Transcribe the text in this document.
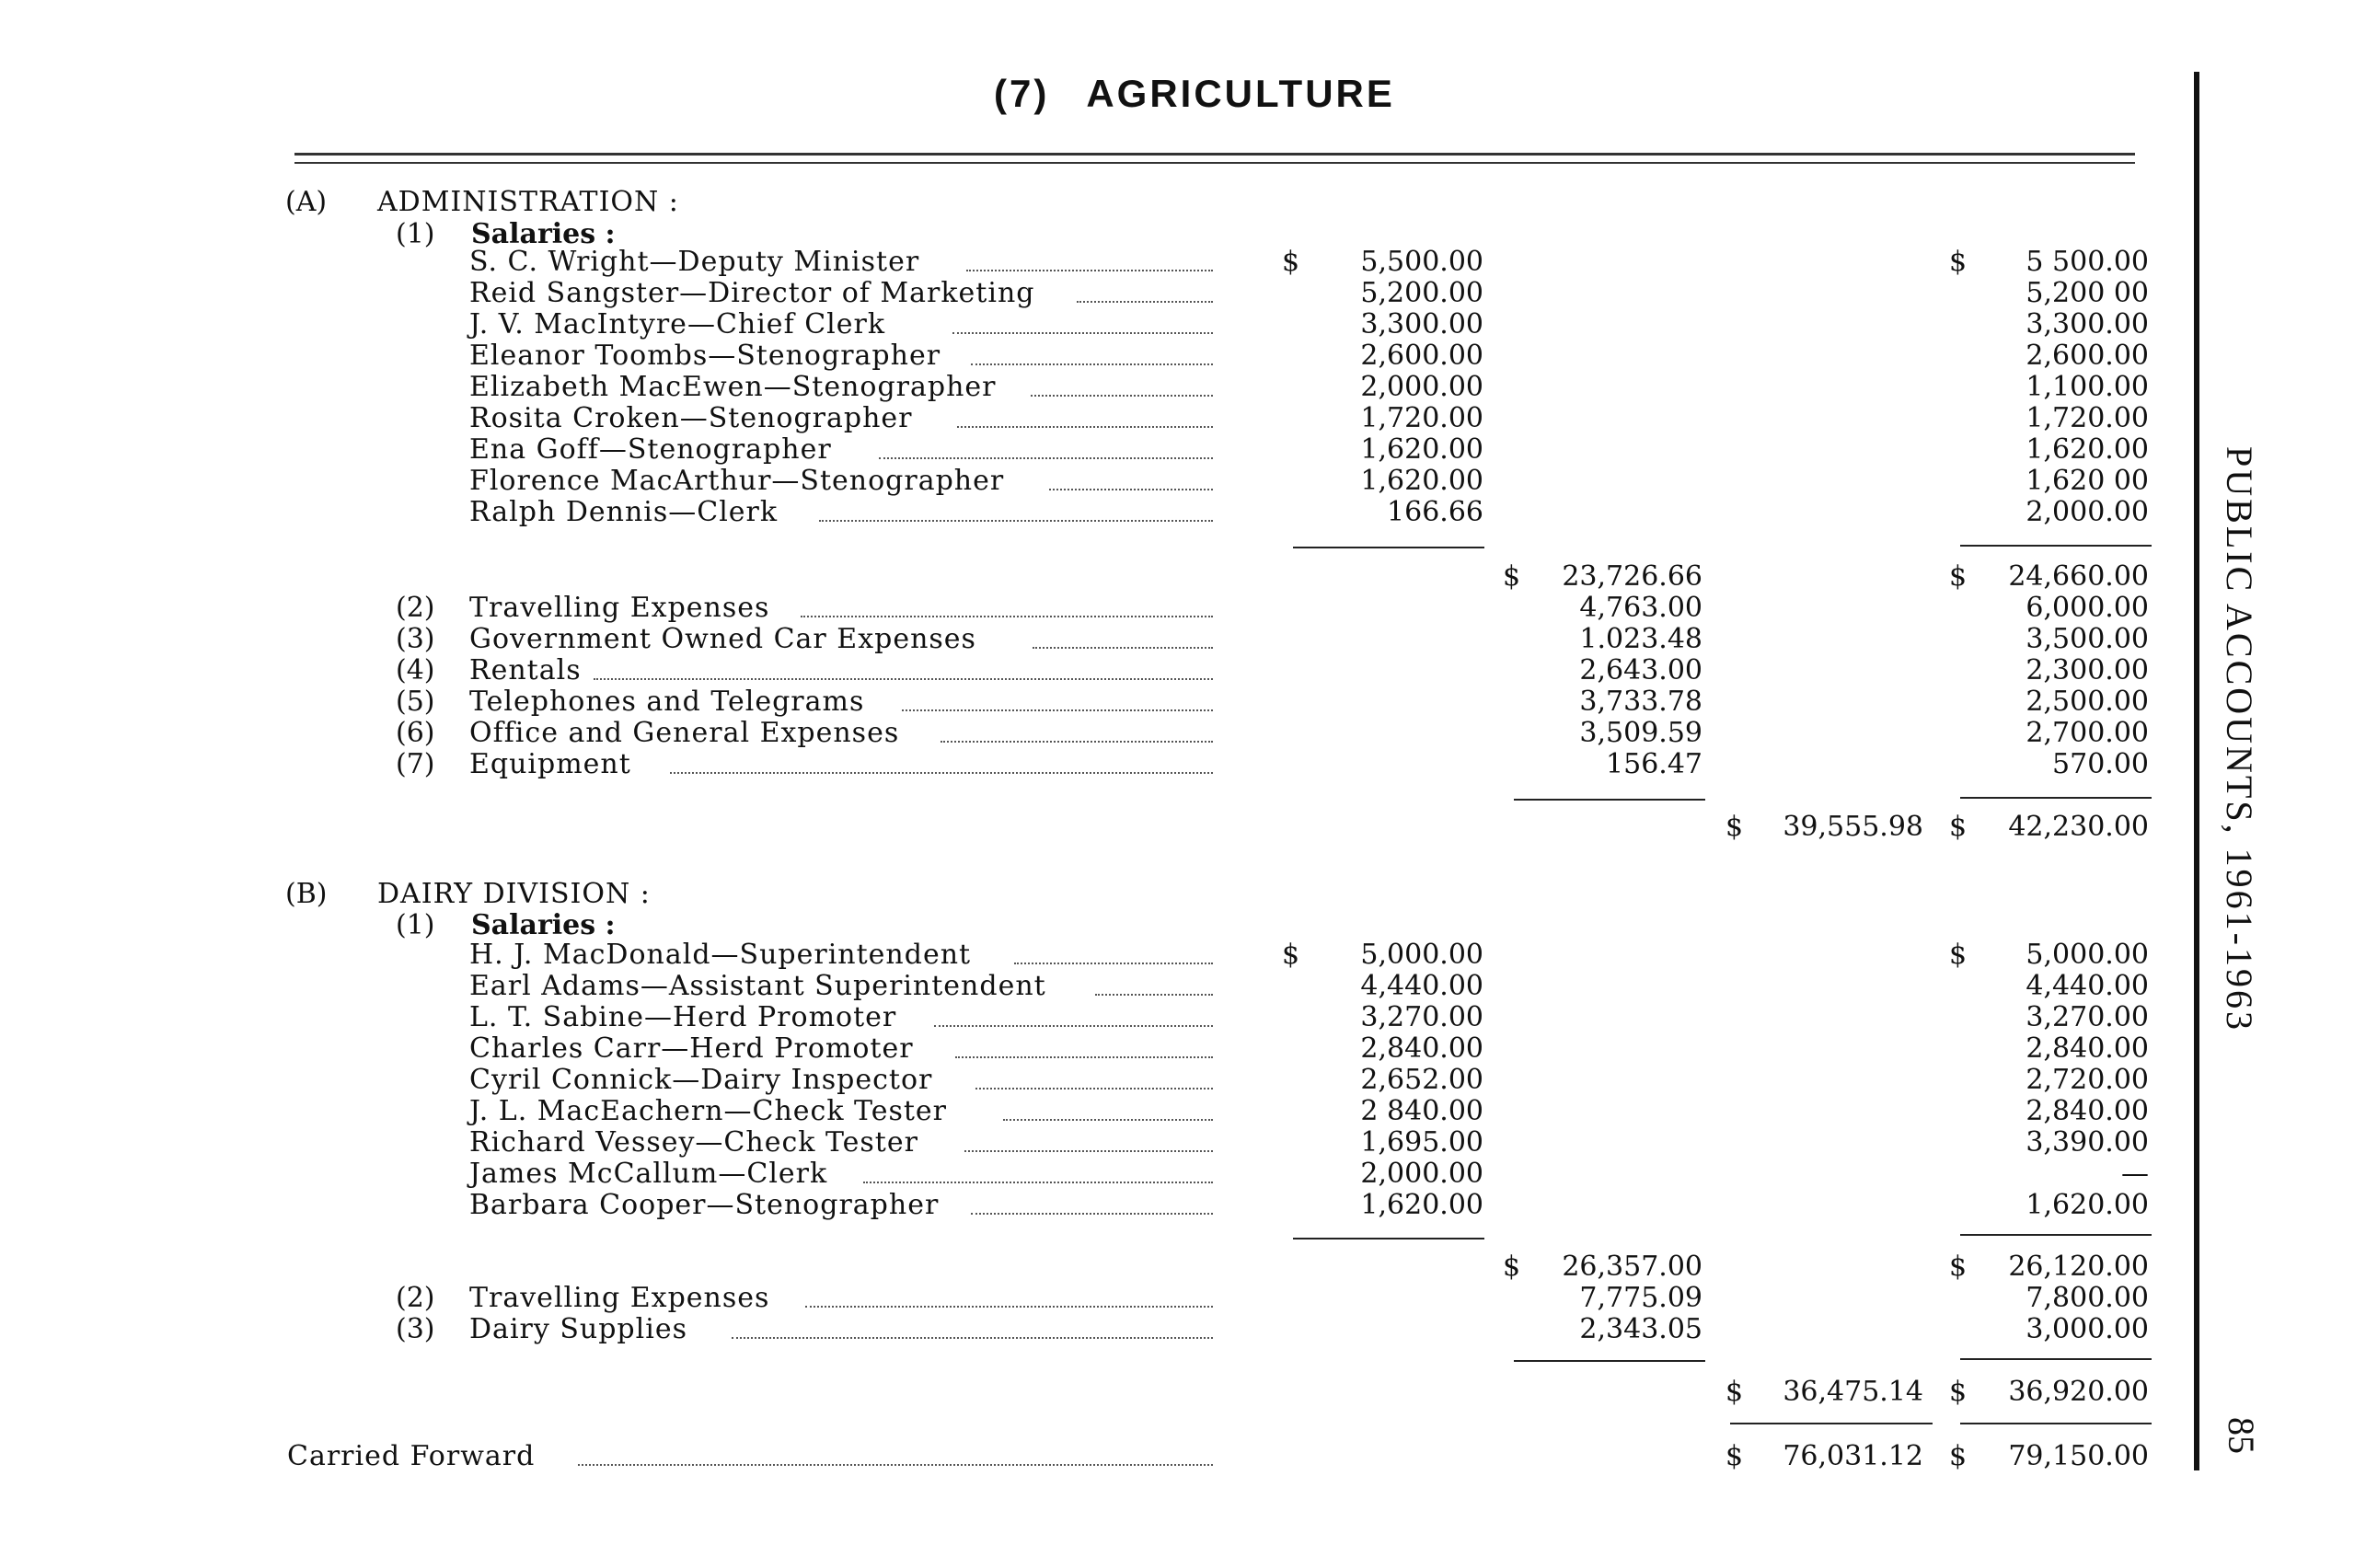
(7) AGRICULTURE
PUBLIC ACCOUNTS, 1961-1963
85
(A) ADMINISTRATION :
(1) Salaries :
S. C. Wright—Deputy Minister	$	5,500.00	$	5 500.00
Reid Sangster—Director of Marketing	5,200.00	5,200 00
J. V. MacIntyre—Chief Clerk	3,300.00	3,300.00
Eleanor Toombs—Stenographer	2,600.00	2,600.00
Elizabeth MacEwen—Stenographer	2,000.00	1,100.00
Rosita Croken—Stenographer	1,720.00	1,720.00
Ena Goff—Stenographer	1,620.00	1,620.00
Florence MacArthur—Stenographer	1,620.00	1,620 00
Ralph Dennis—Clerk	166.66	2,000.00
$	23,726.66	$	24,660.00
(2) Travelling Expenses	4,763.00	6,000.00
(3) Government Owned Car Expenses	1.023.48	3,500.00
(4) Rentals	2,643.00	2,300.00
(5) Telephones and Telegrams	3,733.78	2,500.00
(6) Office and General Expenses	3,509.59	2,700.00
(7) Equipment	156.47	570.00
$	39,555.98 $	42,230.00
(B) DAIRY DIVISION :
(1) Salaries :
H. J. MacDonald—Superintendent	$	5,000.00	$	5,000.00
Earl Adams—Assistant Superintendent	4,440.00	4,440.00
L. T. Sabine—Herd Promoter	3,270.00	3,270.00
Charles Carr—Herd Promoter	2,840.00	2,840.00
Cyril Connick—Dairy Inspector	2,652.00	2,720.00
J. L. MacEachern—Check Tester	2 840.00	2,840.00
Richard Vessey—Check Tester	1,695.00	3,390.00
James McCallum—Clerk	2,000.00	—
Barbara Cooper—Stenographer	1,620.00	1,620.00
$	26,357.00	$	26,120.00
(2) Travelling Expenses	7,775.09	7,800.00
(3) Dairy Supplies	2,343.05	3,000.00
$	36,475.14 $	36,920.00
Carried Forward	$	76,031.12 $	79,150.00
